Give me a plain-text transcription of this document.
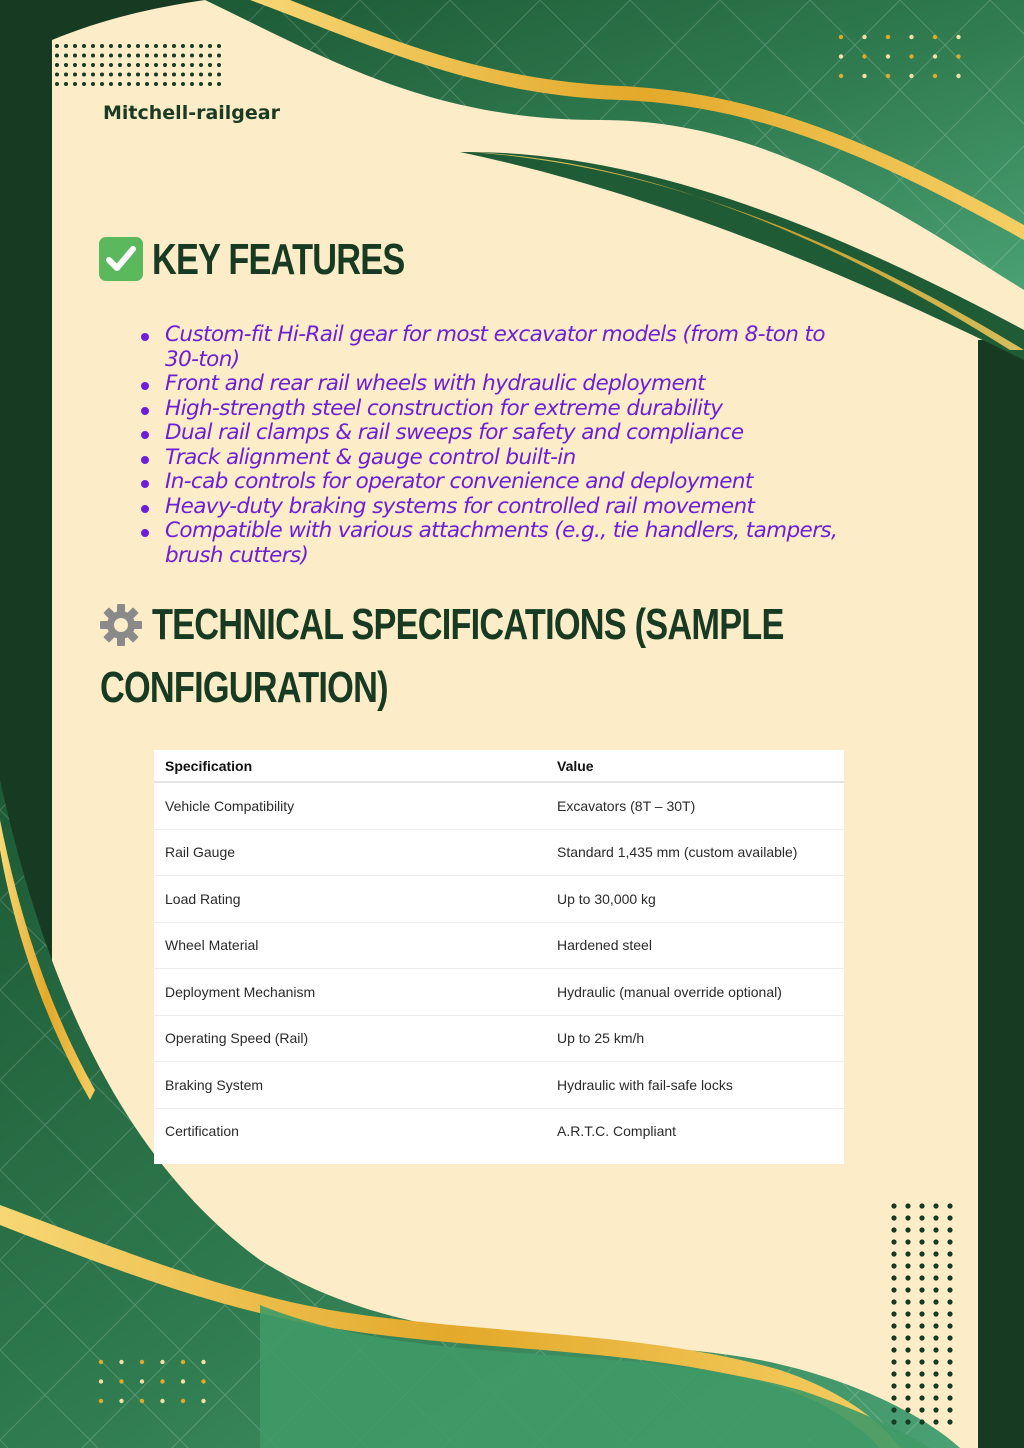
Mitchell-railgear
KEY FEATURES
Custom-fit Hi-Rail gear for most excavator models (from 8-ton to 30-ton)
Front and rear rail wheels with hydraulic deployment
High-strength steel construction for extreme durability
Dual rail clamps & rail sweeps for safety and compliance
Track alignment & gauge control built-in
In-cab controls for operator convenience and deployment
Heavy-duty braking systems for controlled rail movement
Compatible with various attachments (e.g., tie handlers, tampers, brush cutters)
TECHNICAL SPECIFICATIONS (SAMPLE
CONFIGURATION)
Specification	Value
Vehicle Compatibility	Excavators (8T – 30T)
Rail Gauge	Standard 1,435 mm (custom available)
Load Rating	Up to 30,000 kg
Wheel Material	Hardened steel
Deployment Mechanism	Hydraulic (manual override optional)
Operating Speed (Rail)	Up to 25 km/h
Braking System	Hydraulic with fail-safe locks
Certification	A.R.T.C. Compliant
